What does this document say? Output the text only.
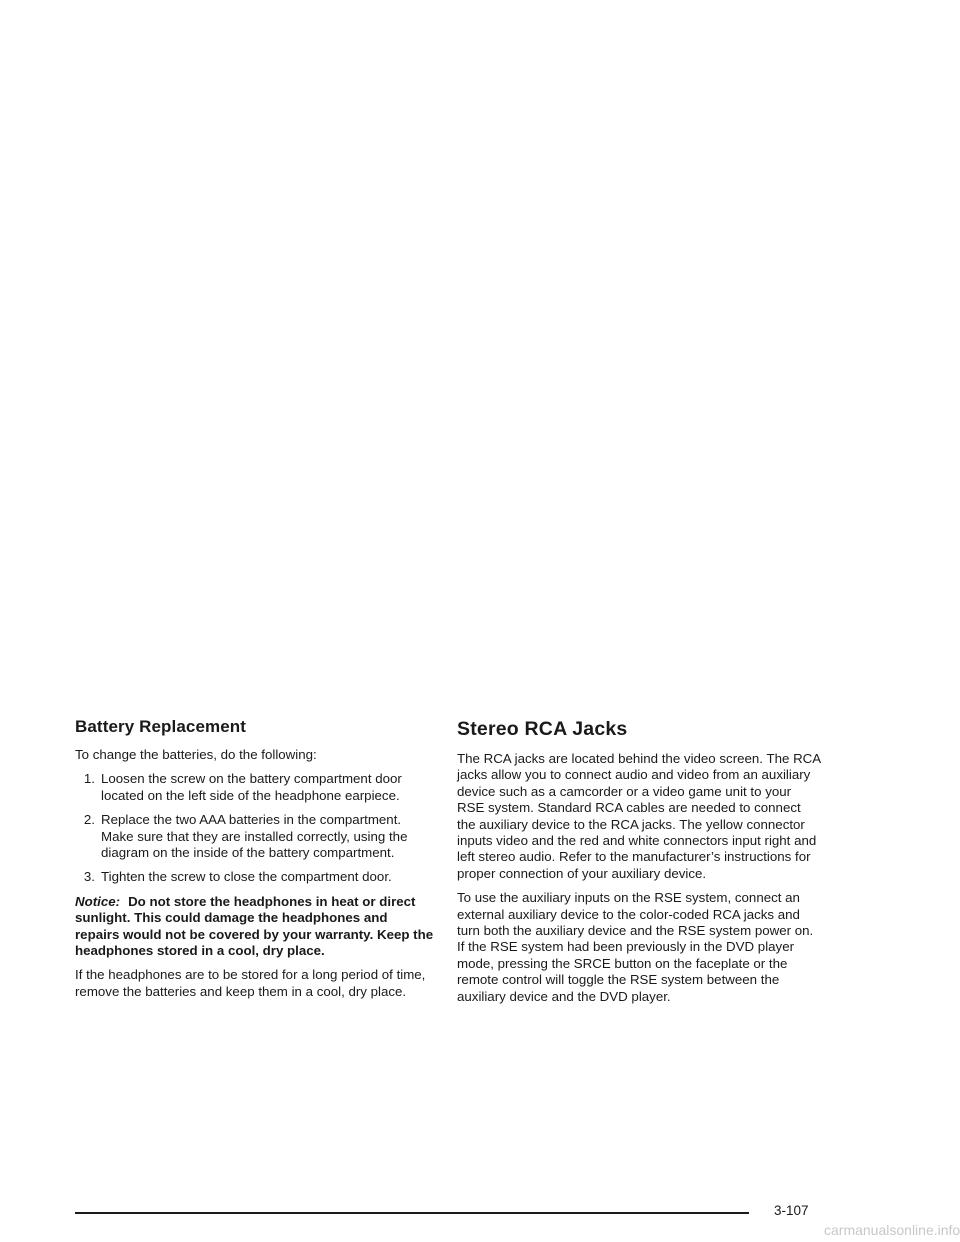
Battery Replacement

To change the batteries, do the following:

1. Loosen the screw on the battery compartment door located on the left side of the headphone earpiece.
2. Replace the two AAA batteries in the compartment. Make sure that they are installed correctly, using the diagram on the inside of the battery compartment.
3. Tighten the screw to close the compartment door.

Notice: Do not store the headphones in heat or direct sunlight. This could damage the headphones and repairs would not be covered by your warranty. Keep the headphones stored in a cool, dry place.

If the headphones are to be stored for a long period of time, remove the batteries and keep them in a cool, dry place.

Stereo RCA Jacks

The RCA jacks are located behind the video screen. The RCA jacks allow you to connect audio and video from an auxiliary device such as a camcorder or a video game unit to your RSE system. Standard RCA cables are needed to connect the auxiliary device to the RCA jacks. The yellow connector inputs video and the red and white connectors input right and left stereo audio. Refer to the manufacturer’s instructions for proper connection of your auxiliary device.

To use the auxiliary inputs on the RSE system, connect an external auxiliary device to the color-coded RCA jacks and turn both the auxiliary device and the RSE system power on. If the RSE system had been previously in the DVD player mode, pressing the SRCE button on the faceplate or the remote control will toggle the RSE system between the auxiliary device and the DVD player.

3-107
carmanualsonline.info
